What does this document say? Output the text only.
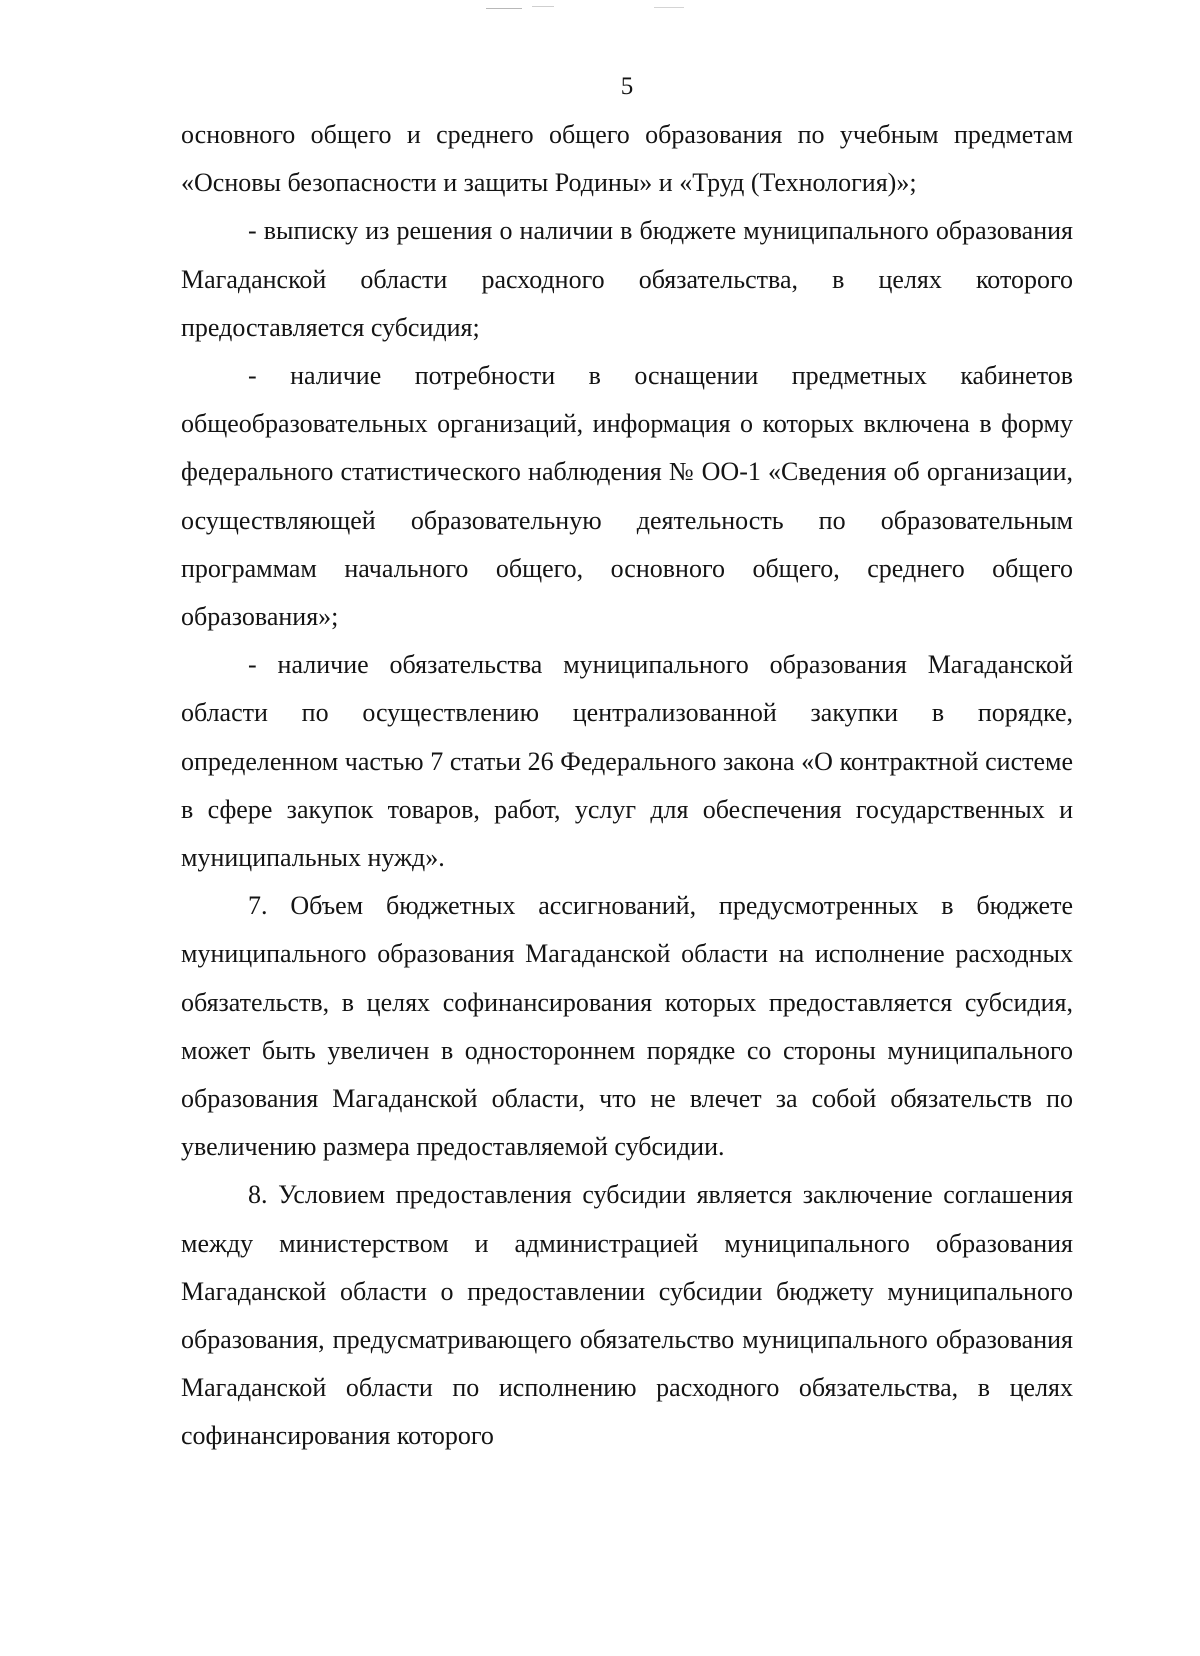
5

основного общего и среднего общего образования по учебным предметам «Основы безопасности и защиты Родины» и «Труд (Технология)»;

- выписку из решения о наличии в бюджете муниципального образования Магаданской области расходного обязательства, в целях которого предоставляется субсидия;

- наличие потребности в оснащении предметных кабинетов общеобразовательных организаций, информация о которых включена в форму федерального статистического наблюдения № ОО-1 «Сведения об организации, осуществляющей образовательную деятельность по образовательным программам начального общего, основного общего, среднего общего образования»;

- наличие обязательства муниципального образования Магаданской области по осуществлению централизованной закупки в порядке, определенном частью 7 статьи 26 Федерального закона «О контрактной системе в сфере закупок товаров, работ, услуг для обеспечения государственных и муниципальных нужд».

7. Объем бюджетных ассигнований, предусмотренных в бюджете муниципального образования Магаданской области на исполнение расходных обязательств, в целях софинансирования которых предоставляется субсидия, может быть увеличен в одностороннем порядке со стороны муниципального образования Магаданской области, что не влечет за собой обязательств по увеличению размера предоставляемой субсидии.

8. Условием предоставления субсидии является заключение соглашения между министерством и администрацией муниципального образования Магаданской области о предоставлении субсидии бюджету муниципального образования, предусматривающего обязательство муниципального образования Магаданской области по исполнению расходного обязательства, в целях софинансирования которого
